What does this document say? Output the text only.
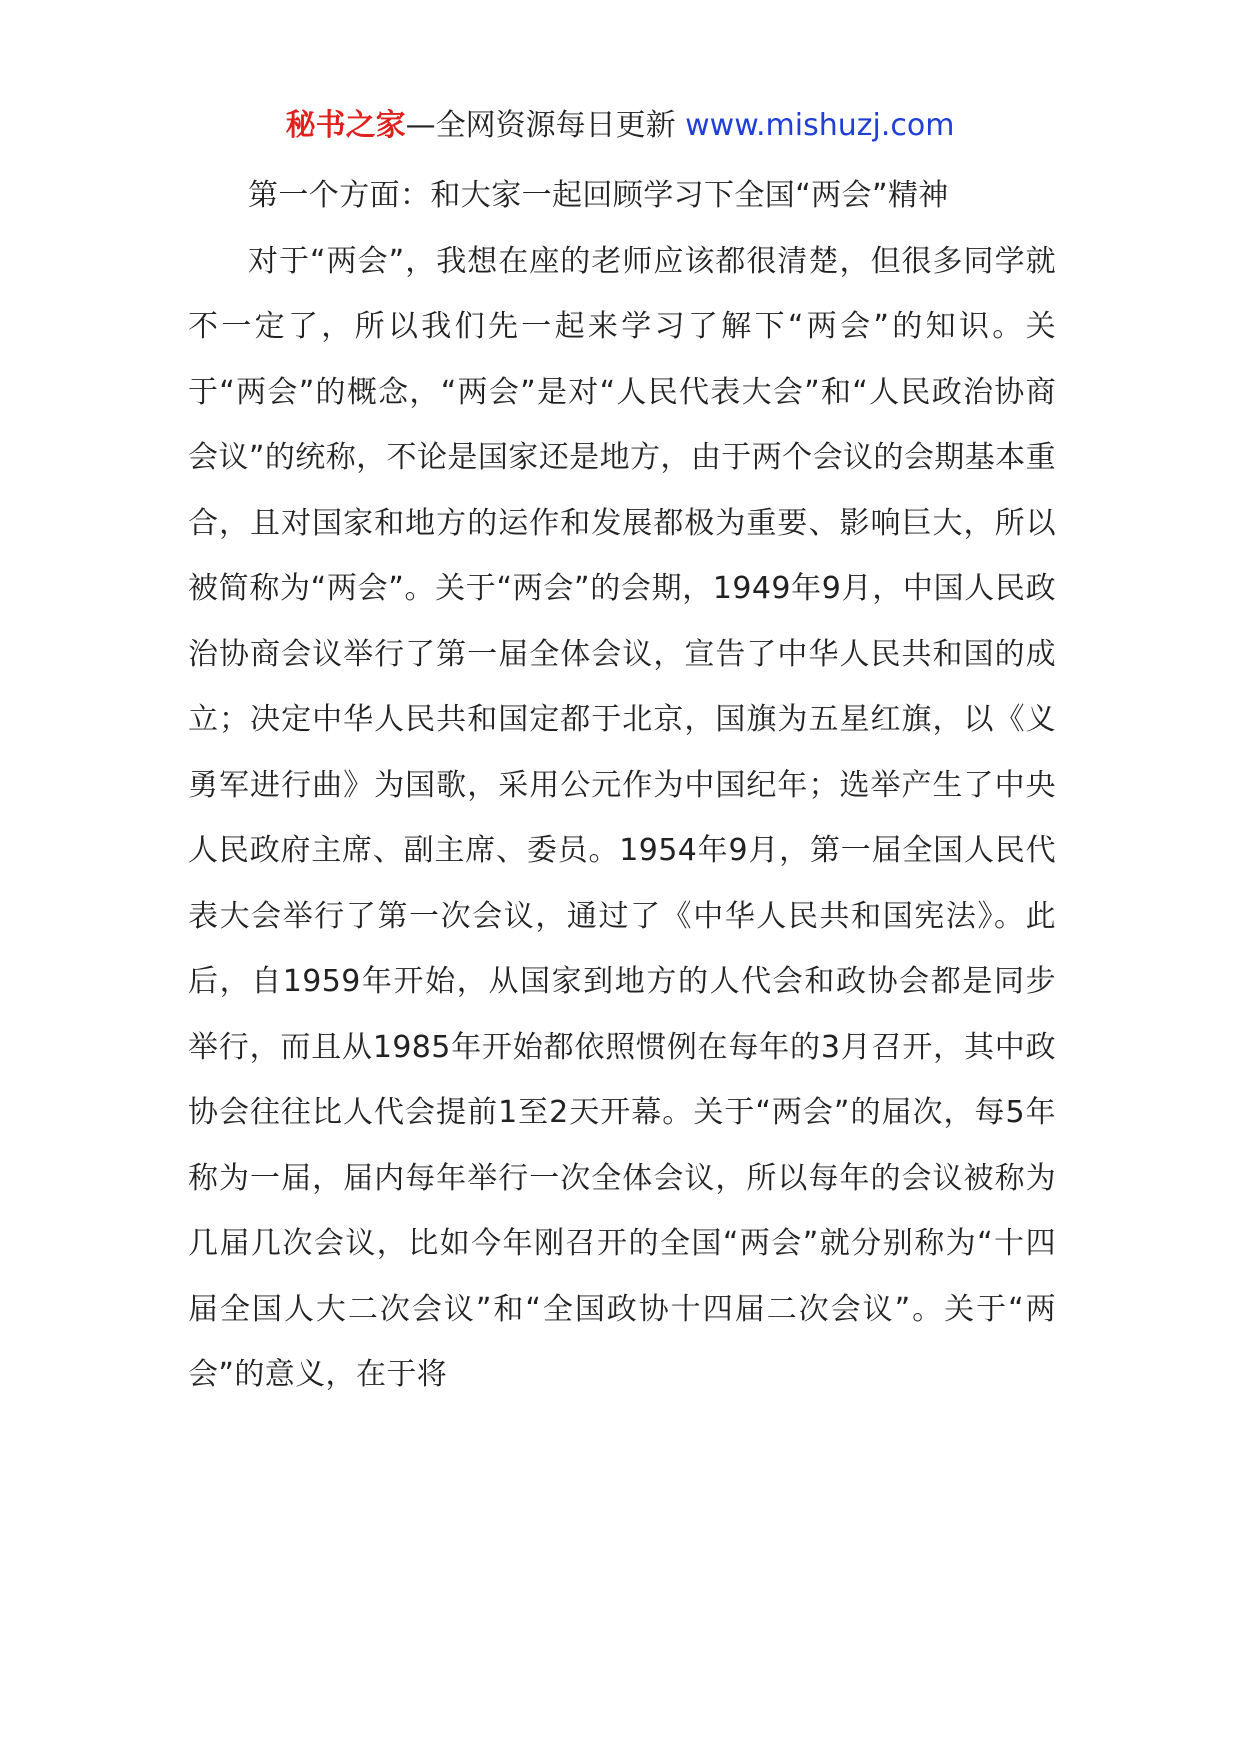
秘书之家—全网资源每日更新 www.mishuzj.com

第一个方面：和大家一起回顾学习下全国“两会”精神

对于“两会”，我想在座的老师应该都很清楚，但很多同学就不一定了，所以我们先一起来学习了解下“两会”的知识。关于“两会”的概念，“两会”是对“人民代表大会”和“人民政治协商会议”的统称，不论是国家还是地方，由于两个会议的会期基本重合，且对国家和地方的运作和发展都极为重要、影响巨大，所以被简称为“两会”。关于“两会”的会期，1949年9月，中国人民政治协商会议举行了第一届全体会议，宣告了中华人民共和国的成立；决定中华人民共和国定都于北京，国旗为五星红旗，以《义勇军进行曲》为国歌，采用公元作为中国纪年；选举产生了中央人民政府主席、副主席、委员。1954年9月，第一届全国人民代表大会举行了第一次会议，通过了《中华人民共和国宪法》。此后，自1959年开始，从国家到地方的人代会和政协会都是同步举行，而且从1985年开始都依照惯例在每年的3月召开，其中政协会往往比人代会提前1至2天开幕。关于“两会”的届次，每5年称为一届，届内每年举行一次全体会议，所以每年的会议被称为几届几次会议，比如今年刚召开的全国“两会”就分别称为“十四届全国人大二次会议”和“全国政协十四届二次会议”。关于“两会”的意义，在于将
